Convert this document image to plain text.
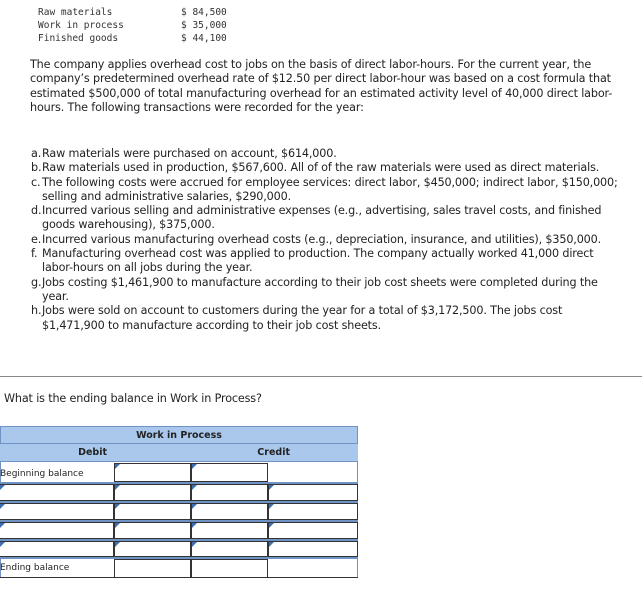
Raw materials	$ 84,500
Work in process	$ 35,000
Finished goods	$ 44,100
The company applies overhead cost to jobs on the basis of direct labor-hours. For the current year, the company’s predetermined overhead rate of $12.50 per direct labor-hour was based on a cost formula that estimated $500,000 of total manufacturing overhead for an estimated activity level of 40,000 direct labor-hours. The following transactions were recorded for the year:
a. Raw materials were purchased on account, $614,000.
b. Raw materials used in production, $567,600. All of of the raw materials were used as direct materials.
c. The following costs were accrued for employee services: direct labor, $450,000; indirect labor, $150,000; selling and administrative salaries, $290,000.
d. Incurred various selling and administrative expenses (e.g., advertising, sales travel costs, and finished goods warehousing), $375,000.
e. Incurred various manufacturing overhead costs (e.g., depreciation, insurance, and utilities), $350,000.
f. Manufacturing overhead cost was applied to production. The company actually worked 41,000 direct labor-hours on all jobs during the year.
g. Jobs costing $1,461,900 to manufacture according to their job cost sheets were completed during the year.
h. Jobs were sold on account to customers during the year for a total of $3,172,500. The jobs cost $1,471,900 to manufacture according to their job cost sheets.
What is the ending balance in Work in Process?
Work in Process
Debit	Credit
Beginning balance
Ending balance
